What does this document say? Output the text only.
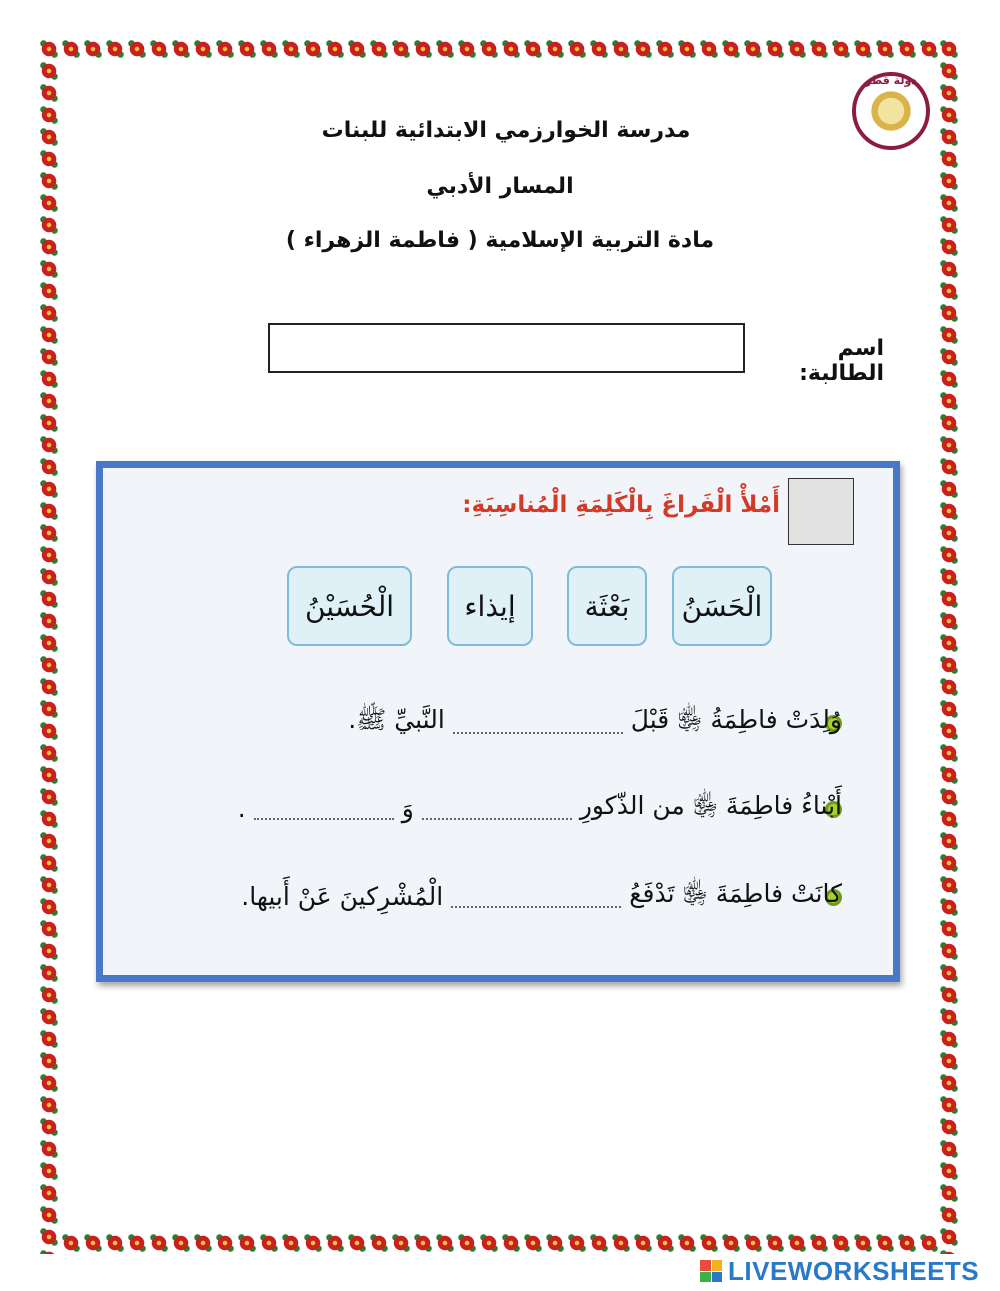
دولة قطر
مدرسة الخوارزمي الابتدائية للبنات
المسار الأدبي
مادة التربية الإسلامية ( فاطمة الزهراء )
اسم الطالبة:
أَمْلأْ الْفَراغَ بِالْكَلِمَةِ الْمُناسِبَةِ:
الْحَسَنُ
بَعْثَة
إيذاء
الْحُسَيْنُ
وُلِدَتْ فاطِمَةُ ﵂ قَبْلَ
النَّبيِّ ﷺ.
أَبْناءُ فاطِمَةَ ﵂ من الذّكورِ
وَ
.
كانَتْ فاطِمَةَ ﵂ تَدْفَعُ
الْمُشْرِكينَ عَنْ أَبيها.
LIVEWORKSHEETS
